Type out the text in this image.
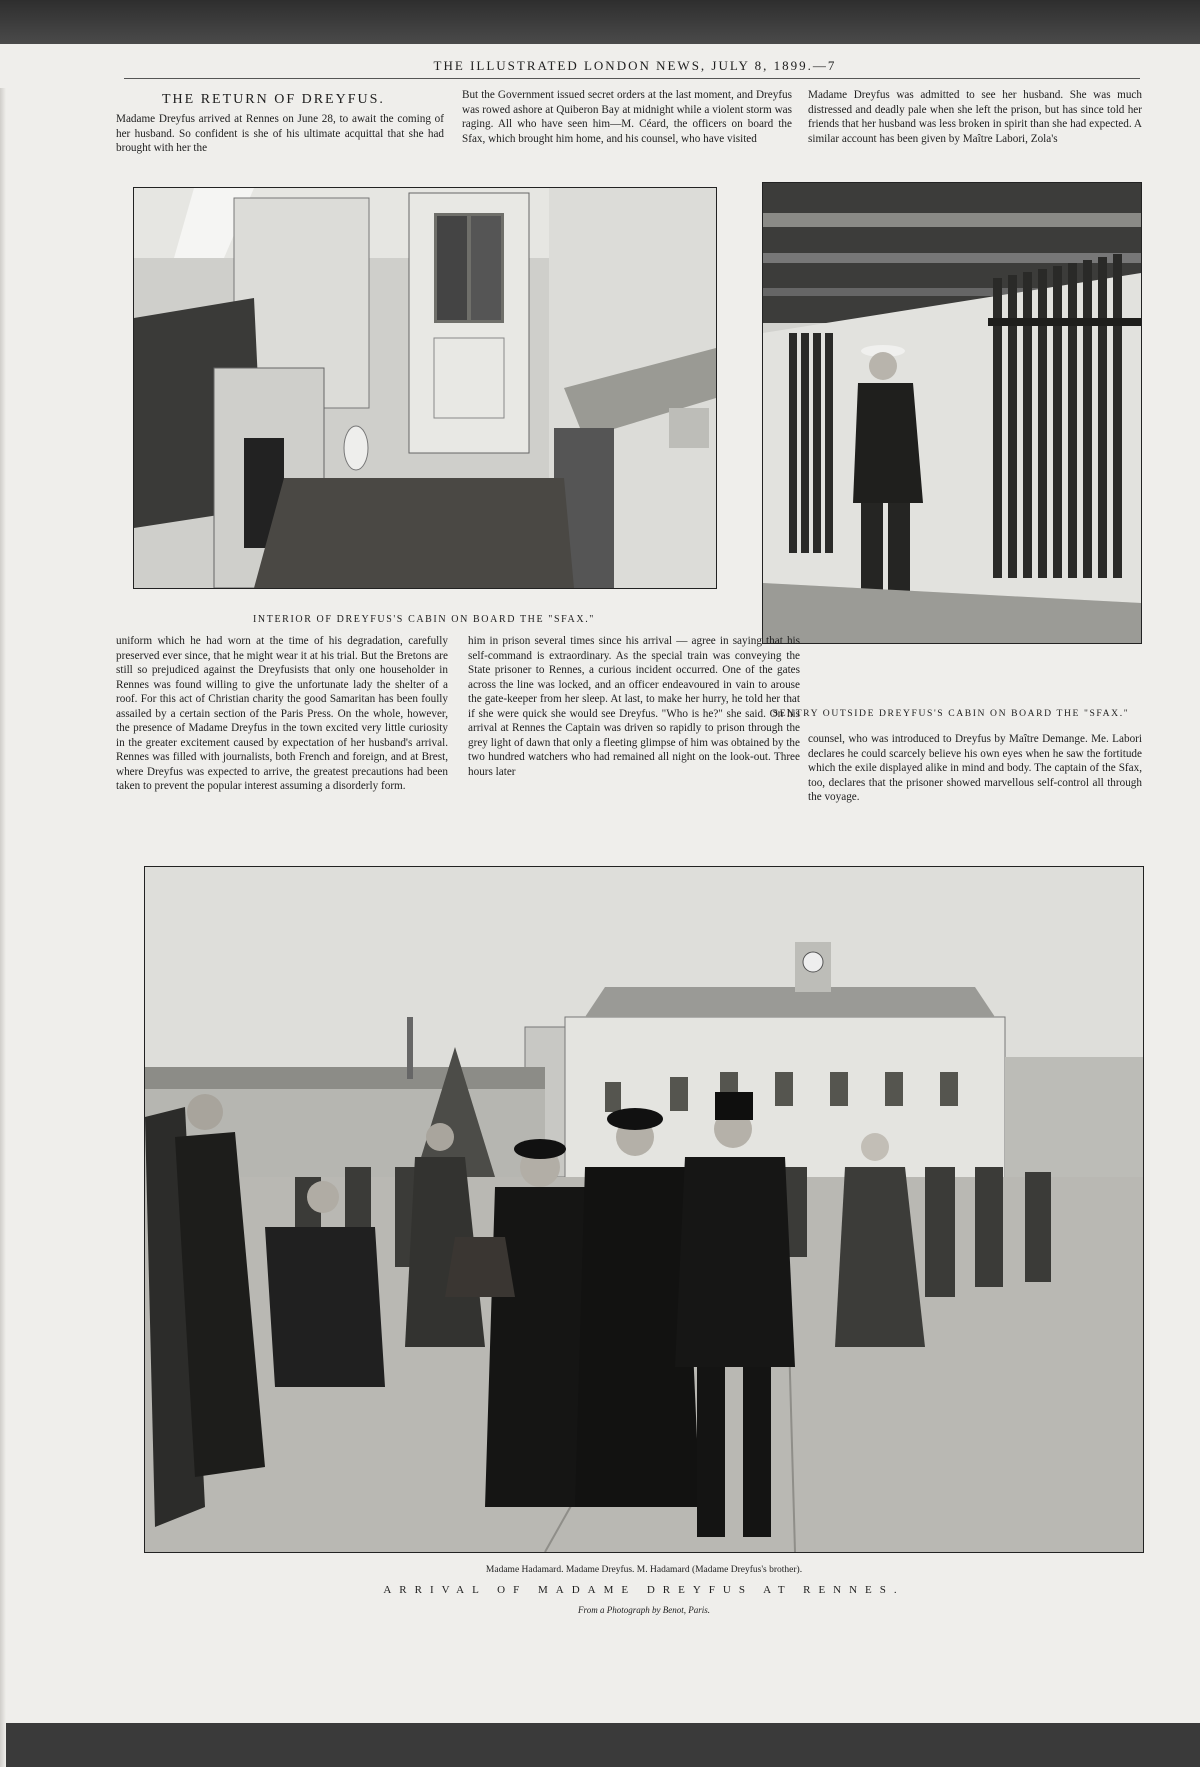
THE ILLUSTRATED LONDON NEWS, JULY 8, 1899.—7
THE RETURN OF DREYFUS.

Madame Dreyfus arrived at Rennes on June 28, to await the coming of her husband. So confident is she of his ultimate acquittal that she had brought with her the

But the Government issued secret orders at the last moment, and Dreyfus was rowed ashore at Quiberon Bay at midnight while a violent storm was raging. All who have seen him—M. Céard, the officers on board the Sfax, which brought him home, and his counsel, who have visited

Madame Dreyfus was admitted to see her husband. She was much distressed and deadly pale when she left the prison, but has since told her friends that her husband was less broken in spirit than she had expected. A similar account has been given by Maître Labori, Zola's

INTERIOR OF DREYFUS'S CABIN ON BOARD THE "SFAX."
SENTRY OUTSIDE DREYFUS'S CABIN ON BOARD THE "SFAX."

uniform which he had worn at the time of his degradation, carefully preserved ever since, that he might wear it at his trial. But the Bretons are still so prejudiced against the Dreyfusists that only one householder in Rennes was found willing to give the unfortunate lady the shelter of a roof. For this act of Christian charity the good Samaritan has been foully assailed by a certain section of the Paris Press. On the whole, however, the presence of Madame Dreyfus in the town excited very little curiosity in the greater excitement caused by expectation of her husband's arrival. Rennes was filled with journalists, both French and foreign, and at Brest, where Dreyfus was expected to arrive, the greatest precautions had been taken to prevent the popular interest assuming a disorderly form.

him in prison several times since his arrival — agree in saying that his self-command is extraordinary. As the special train was conveying the State prisoner to Rennes, a curious incident occurred. One of the gates across the line was locked, and an officer endeavoured in vain to arouse the gate-keeper from her sleep. At last, to make her hurry, he told her that if she were quick she would see Dreyfus. "Who is he?" she said. On his arrival at Rennes the Captain was driven so rapidly to prison through the grey light of dawn that only a fleeting glimpse of him was obtained by the two hundred watchers who had remained all night on the look-out. Three hours later

counsel, who was introduced to Dreyfus by Maître Demange. Me. Labori declares he could scarcely believe his own eyes when he saw the fortitude which the exile displayed alike in mind and body. The captain of the Sfax, too, declares that the prisoner showed marvellous self-control all through the voyage.

Madame Hadamard. Madame Dreyfus. M. Hadamard (Madame Dreyfus's brother).
ARRIVAL OF MADAME DREYFUS AT RENNES.
From a Photograph by Benot, Paris.
